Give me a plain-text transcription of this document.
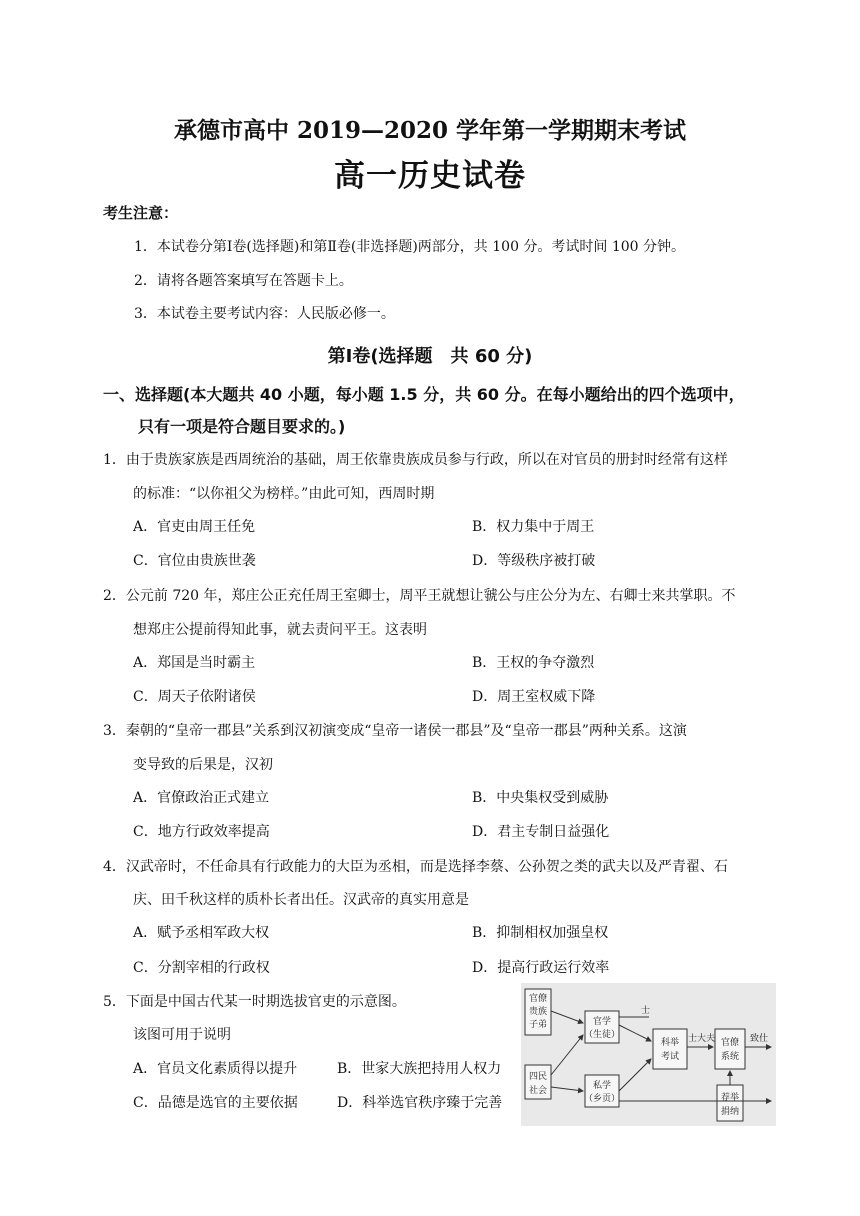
承德市高中 2019—2020 学年第一学期期末考试
高一历史试卷
考生注意：
1．本试卷分第Ⅰ卷(选择题)和第Ⅱ卷(非选择题)两部分，共 100 分。考试时间 100 分钟。
2．请将各题答案填写在答题卡上。
3．本试卷主要考试内容：人民版必修一。
第Ⅰ卷(选择题　共 60 分)
一、选择题(本大题共 40 小题，每小题 1.5 分，共 60 分。在每小题给出的四个选项中，
只有一项是符合题目要求的。)
1．由于贵族家族是西周统治的基础，周王依靠贵族成员参与行政，所以在对官员的册封时经常有这样
的标准：“以你祖父为榜样。”由此可知，西周时期
A．官吏由周王任免	B．权力集中于周王
C．官位由贵族世袭	D．等级秩序被打破
2．公元前 720 年，郑庄公正充任周王室卿士，周平王就想让虢公与庄公分为左、右卿士来共掌职。不
想郑庄公提前得知此事，就去责问平王。这表明
A．郑国是当时霸主	B．王权的争夺激烈
C．周天子依附诸侯	D．周王室权威下降
3．秦朝的“皇帝一郡县”关系到汉初演变成“皇帝一诸侯一郡县”及“皇帝一郡县”两种关系。这演
变导致的后果是，汉初
A．官僚政治正式建立	B．中央集权受到威胁
C．地方行政效率提高	D．君主专制日益强化
4．汉武帝时，不任命具有行政能力的大臣为丞相，而是选择李蔡、公孙贺之类的武夫以及严青翟、石
庆、田千秋这样的质朴长者出任。汉武帝的真实用意是
A．赋予丞相军政大权	B．抑制相权加强皇权
C．分割宰相的行政权	D．提高行政运行效率
5．下面是中国古代某一时期选拔官吏的示意图。
该图可用于说明
A．官员文化素质得以提升	B．世家大族把持用人权力
C．品德是选官的主要依据	D．科举选官秩序臻于完善
官僚
贵族
子弟
四民
社会
官学
（生徒）
私学
（乡贡）
科举
考试
官僚
系统
荐举
捐纳
士
士大夫	致仕
